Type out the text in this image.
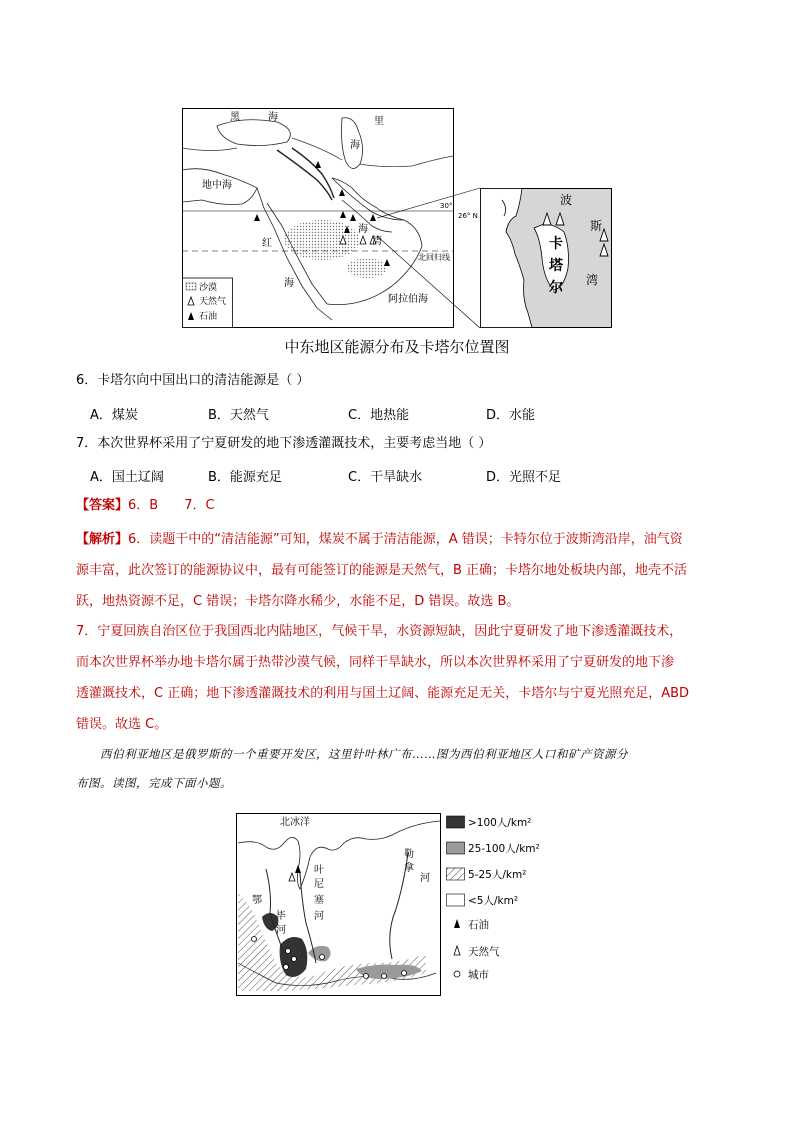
黑	海	里
海
地中海
红
海
海
湾
北回归线
阿拉伯海
30°
沙漠
天然气
石油
26° N
波
斯
湾
卡
塔
尔
中东地区能源分布及卡塔尔位置图
6．卡塔尔向中国出口的清洁能源是（ ）
A．煤炭	B．天然气	C．地热能	D．水能
7．本次世界杯采用了宁夏研发的地下渗透灌溉技术，主要考虑当地（ ）
A．国土辽阔	B．能源充足	C．干旱缺水	D．光照不足
【答案】6．B　　7．C
【解析】6．读题干中的“清洁能源”可知，煤炭不属于清洁能源，A 错误；卡特尔位于波斯湾沿岸，油气资
源丰富，此次签订的能源协议中，最有可能签订的能源是天然气，B 正确；卡塔尔地处板块内部，地壳不活
跃，地热资源不足，C 错误；卡塔尔降水稀少，水能不足，D 错误。故选 B。
7．宁夏回族自治区位于我国西北内陆地区，气候干旱，水资源短缺，因此宁夏研发了地下渗透灌溉技术，
而本次世界杯举办地卡塔尔属于热带沙漠气候，同样干旱缺水，所以本次世界杯采用了宁夏研发的地下渗
透灌溉技术，C 正确；地下渗透灌溉技术的利用与国土辽阔、能源充足无关，卡塔尔与宁夏光照充足，ABD
错误。故选 C。
西伯利亚地区是俄罗斯的一个重要开发区，这里针叶林广布……图为西伯利亚地区人口和矿产资源分
布图。读图，完成下面小题。
北冰洋
鄂
毕
河
叶
尼
塞
河
勒
拿
河
>100人/km²
25-100人/km²
5-25人/km²
<5人/km²
石油
天然气
城市
